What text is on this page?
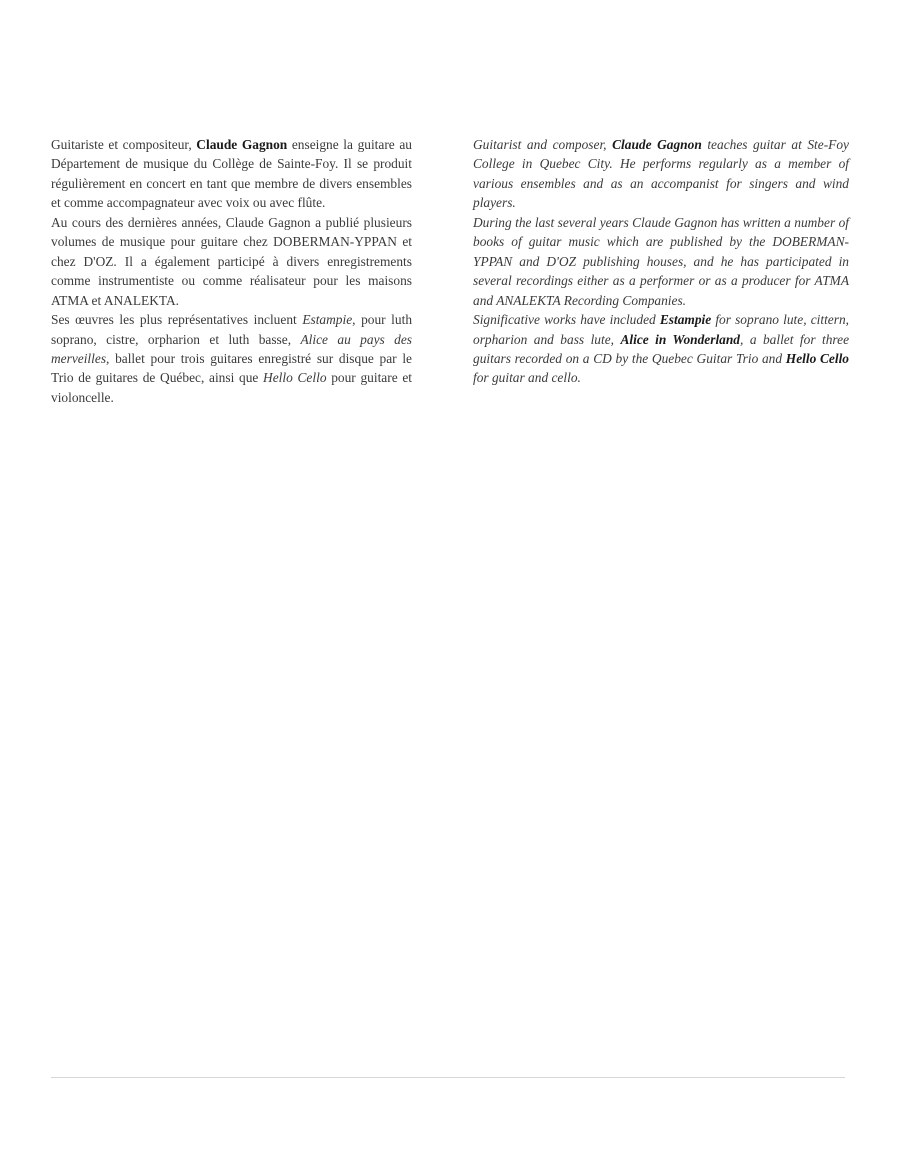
Guitariste et compositeur, Claude Gagnon enseigne la guitare au Département de musique du Collège de Sainte-Foy. Il se produit régulièrement en concert en tant que membre de divers ensembles et comme accompagnateur avec voix ou avec flûte.

Au cours des dernières années, Claude Gagnon a publié plusieurs volumes de musique pour guitare chez DOBERMAN-YPPAN et chez D'OZ. Il a également participé à divers enregistrements comme instrumentiste ou comme réalisateur pour les maisons ATMA et ANALEKTA.

Ses œuvres les plus représentatives incluent Estampie, pour luth soprano, cistre, orpharion et luth basse, Alice au pays des merveilles, ballet pour trois guitares enregistré sur disque par le Trio de guitares de Québec, ainsi que Hello Cello pour guitare et violoncelle.

Guitarist and composer, Claude Gagnon teaches guitar at Ste-Foy College in Quebec City. He performs regularly as a member of various ensembles and as an accompanist for singers and wind players.

During the last several years Claude Gagnon has written a number of books of guitar music which are published by the DOBERMAN-YPPAN and D'OZ publishing houses, and he has participated in several recordings either as a performer or as a producer for ATMA and ANALEKTA Recording Companies.

Significative works have included Estampie for soprano lute, cittern, orpharion and bass lute, Alice in Wonderland, a ballet for three guitars recorded on a CD by the Quebec Guitar Trio and Hello Cello for guitar and cello.
